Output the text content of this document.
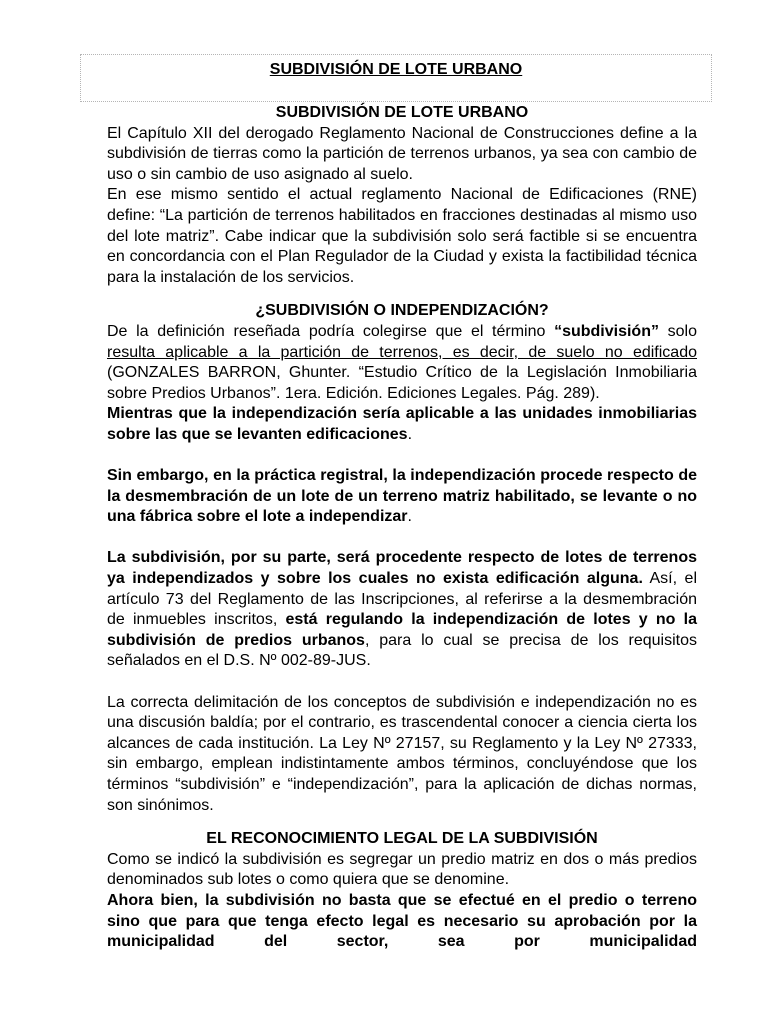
SUBDIVISIÓN DE LOTE URBANO
SUBDIVISIÓN DE LOTE URBANO

El Capítulo XII del derogado Reglamento Nacional de Construcciones define a la subdivisión de tierras como la partición de terrenos urbanos, ya sea con cambio de uso o sin cambio de uso asignado al suelo.

En ese mismo sentido el actual reglamento Nacional de Edificaciones (RNE) define: “La partición de terrenos habilitados en fracciones destinadas al mismo uso del lote matriz”. Cabe indicar que la subdivisión solo será factible si se encuentra en concordancia con el Plan Regulador de la Ciudad y exista la factibilidad técnica para la instalación de los servicios.

¿SUBDIVISIÓN O INDEPENDIZACIÓN?

De la definición reseñada podría colegirse que el término “subdivisión” solo resulta aplicable a la partición de terrenos, es decir, de suelo no edificado (GONZALES BARRON, Ghunter. “Estudio Crítico de la Legislación Inmobiliaria sobre Predios Urbanos”. 1era. Edición. Ediciones Legales. Pág. 289).

Mientras que la independización sería aplicable a las unidades inmobiliarias sobre las que se levanten edificaciones.

Sin embargo, en la práctica registral, la independización procede respecto de la desmembración de un lote de un terreno matriz habilitado, se levante o no una fábrica sobre el lote a independizar.

La subdivisión, por su parte, será procedente respecto de lotes de terrenos ya independizados y sobre los cuales no exista edificación alguna. Así, el artículo 73 del Reglamento de las Inscripciones, al referirse a la desmembración de inmuebles inscritos, está regulando la independización de lotes y no la subdivisión de predios urbanos, para lo cual se precisa de los requisitos señalados en el D.S. Nº 002-89-JUS.

La correcta delimitación de los conceptos de subdivisión e independización no es una discusión baldía; por el contrario, es trascendental conocer a ciencia cierta los alcances de cada institución. La Ley Nº 27157, su Reglamento y la Ley Nº 27333, sin embargo, emplean indistintamente ambos términos, concluyéndose que los términos “subdivisión” e “independización”, para la aplicación de dichas normas, son sinónimos.

EL RECONOCIMIENTO LEGAL DE LA SUBDIVISIÓN

Como se indicó la subdivisión es segregar un predio matriz en dos o más predios denominados sub lotes o como quiera que se denomine.

Ahora bien, la subdivisión no basta que se efectué en el predio o terreno sino que para que tenga efecto legal es necesario su aprobación por la municipalidad del sector, sea por municipalidad
